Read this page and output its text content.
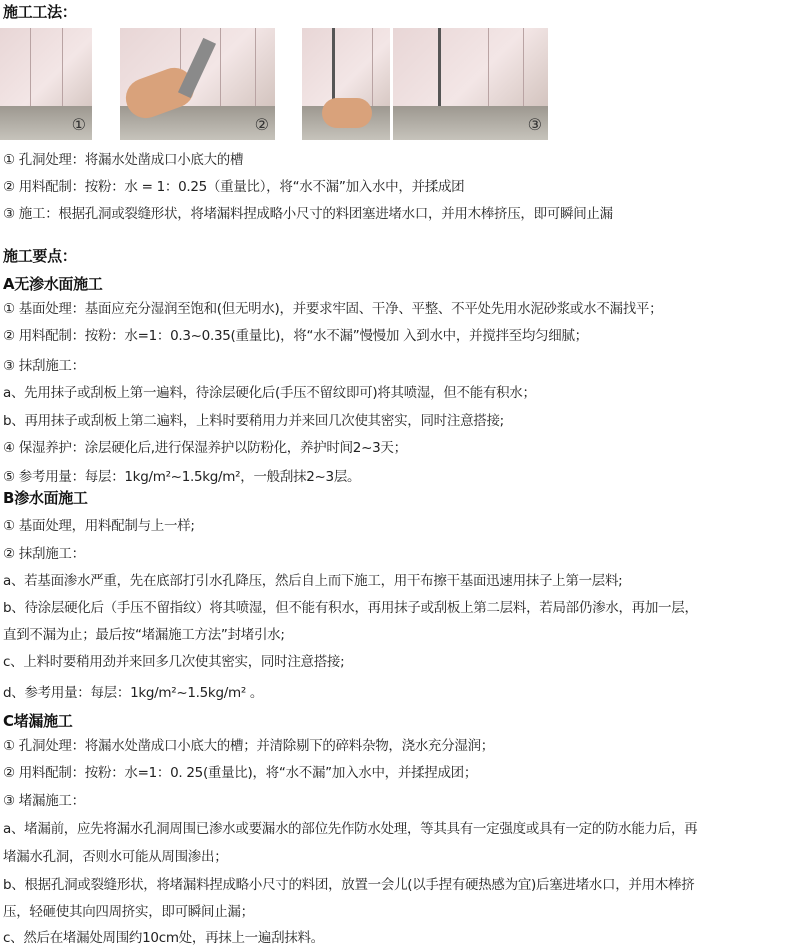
施工工法：
①	②	③
① 孔洞处理：将漏水处凿成口小底大的槽
② 用料配制：按粉：水 = 1：0.25（重量比），将“水不漏”加入水中，并揉成团
③ 施工：根据孔洞或裂缝形状，将堵漏料捏成略小尺寸的料团塞进堵水口，并用木棒挤压，即可瞬间止漏
施工要点：
A无渗水面施工
① 基面处理：基面应充分湿润至饱和(但无明水)，并要求牢固、干净、平整、不平处先用水泥砂浆或水不漏找平；
② 用料配制：按粉：水=1：0.3~0.35(重量比)，将“水不漏”慢慢加 入到水中，并搅拌至均匀细腻；
③ 抹刮施工：
a、先用抹子或刮板上第一遍料，待涂层硬化后(手压不留纹即可)将其喷湿，但不能有积水；
b、再用抹子或刮板上第二遍料，上料时要稍用力并来回几次使其密实，同时注意搭接;
④ 保湿养护：涂层硬化后,进行保湿养护以防粉化，养护时间2~3天；
⑤ 参考用量：每层：1kg/m²~1.5kg/m²，一般刮抹2~3层。
B渗水面施工
① 基面处理，用料配制与上一样;
② 抹刮施工：
a、若基面渗水严重，先在底部打引水孔降压，然后自上而下施工，用干布擦干基面迅速用抹子上第一层料;
b、待涂层硬化后（手压不留指纹）将其喷湿，但不能有积水，再用抹子或刮板上第二层料，若局部仍渗水，再加一层，
直到不漏为止；最后按“堵漏施工方法”封堵引水;
c、上料时要稍用劲并来回多几次使其密实，同时注意搭接;
d、参考用量：每层：1kg/m²~1.5kg/m² 。
C堵漏施工
① 孔洞处理：将漏水处凿成口小底大的槽；并清除剔下的碎料杂物，浇水充分湿润；
② 用料配制：按粉：水=1：0. 25(重量比)，将“水不漏”加入水中，并揉捏成团；
③ 堵漏施工：
a、堵漏前，应先将漏水孔洞周围已渗水或要漏水的部位先作防水处理，等其具有一定强度或具有一定的防水能力后，再
堵漏水孔洞，否则水可能从周围渗出；
b、根据孔洞或裂缝形状，将堵漏料捏成略小尺寸的料团，放置一会儿(以手捏有硬热感为宜)后塞进堵水口，并用木棒挤
压，轻砸使其向四周挤实，即可瞬间止漏；
c、然后在堵漏处周围约10cm处，再抹上一遍刮抹料。
